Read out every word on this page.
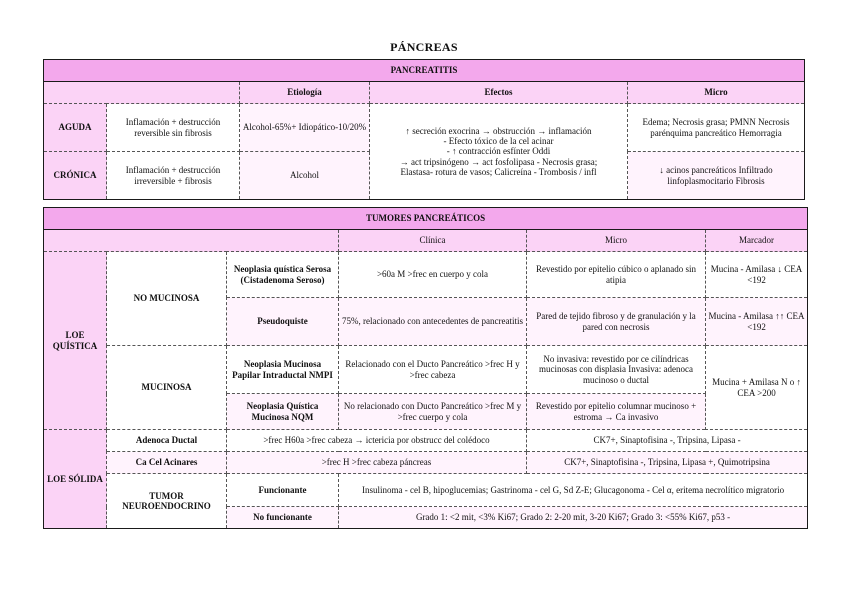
PÁNCREAS
PANCREATITIS				
		Etiología	Efectos	Micro
AGUDA	Inflamación + destrucción reversible sin fibrosis	Alcohol-65%+ Idiopático-10/20%	↑ secreción exocrina → obstrucción → inflamación
- Efecto tóxico de la cel acinar
- ↑ contracción esfínter Oddi
→ act tripsinógeno → act fosfolipasa - Necrosis grasa;
Elastasa- rotura de vasos; Calicreína - Trombosis / infl	Edema; Necrosis grasa; PMNN Necrosis parénquima pancreático Hemorragia
CRÓNICA	Inflamación + destrucción irreversible + fibrosis	Alcohol		↓ acinos pancreáticos Infiltrado linfoplasmocitario Fibrosis
TUMORES PANCREÁTICOS					
			Clínica	Micro	Marcador
LOE QUÍSTICA	NO MUCINOSA	Neoplasia quística Serosa (Cistadenoma Seroso)	>60a M >frec en cuerpo y cola	Revestido por epitelio cúbico o aplanado sin atipia	Mucina - Amilasa ↓ CEA <192
		Pseudoquiste	75%, relacionado con antecedentes de pancreatitis	Pared de tejido fibroso y de granulación y la pared con necrosis	Mucina - Amilasa ↑↑ CEA <192
	MUCINOSA	Neoplasia Mucinosa Papilar Intraductal NMPI	Relacionado con el Ducto Pancreático >frec H y >frec cabeza	No invasiva: revestido por ce cilíndricas mucinosas con displasia Invasiva: adenoca mucinoso o ductal	Mucina + Amilasa N o ↑ CEA >200
		Neoplasia Quística Mucinosa NQM	No relacionado con Ducto Pancreático >frec M y >frec cuerpo y cola	Revestido por epitelio columnar mucinoso + estroma → Ca invasivo	
LOE SÓLIDA	Adenoca Ductal	>frec H60a >frec cabeza → ictericia por obstrucc del colédoco		CK7+, Sinaptofisina -, Tripsina, Lipasa -	
	Ca Cel Acinares	>frec H >frec cabeza páncreas		CK7+, Sinaptofisina -, Tripsina, Lipasa +, Quimotripsina	
	TUMOR NEUROENDOCRINO	Funcionante	Insulinoma - cel B, hipoglucemias; Gastrinoma - cel G, Sd Z-E; Glucagonoma - Cel α, eritema necrolítico migratorio		
		No funcionante	Grado 1: <2 mit, <3% Ki67; Grado 2: 2-20 mit, 3-20 Ki67; Grado 3: <55% Ki67, p53 -		
